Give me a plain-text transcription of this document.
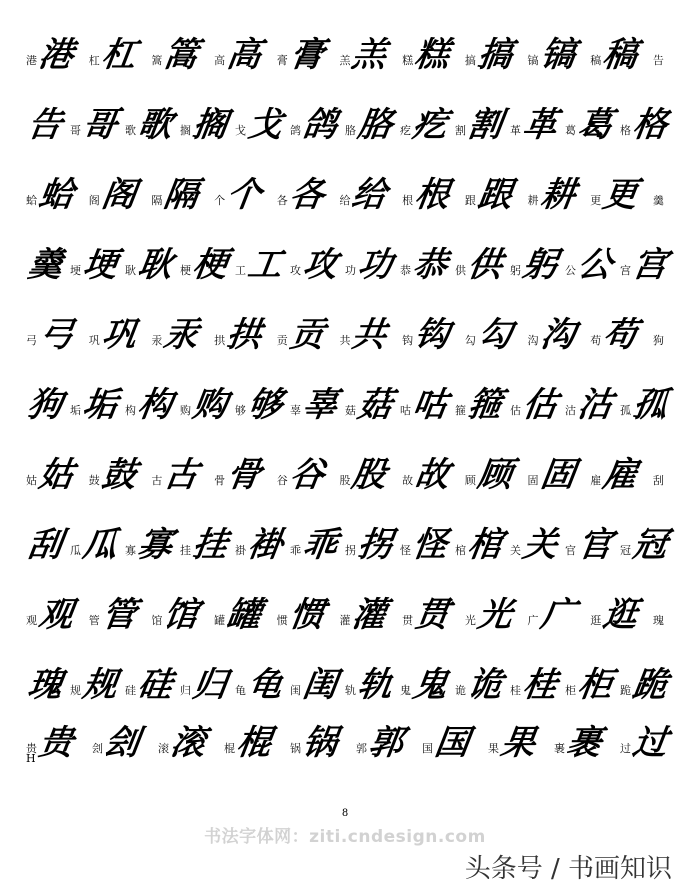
港 港 杠 杠 篙 篙 高 高 膏 膏 羔 羔 糕 糕 搞 搞 镐 镐 稿 稿 告
告 哥 哥 歌 歌 搁 搁 戈 戈 鸽 鸽 胳 胳 疙 疙 割 割 革 革 葛 葛 格 格
蛤 蛤 阁 阁 隔 隔 个 个 各 各 给 给 根 根 跟 跟 耕 耕 更 更 羹
羹 埂 埂 耿 耿 梗 梗 工 工 攻 攻 功 功 恭 恭 供 供 躬 躬 公 公 宫 宫
弓 弓 巩 巩 汞 汞 拱 拱 贡 贡 共 共 钩 钩 勾 勾 沟 沟 苟 苟 狗
狗 垢 垢 构 构 购 购 够 够 辜 辜 菇 菇 咕 咕 箍 箍 估 估 沽 沽 孤 孤
姑 姑 鼓 鼓 古 古 骨 骨 谷 谷 股 股 故 故 顾 顾 固 固 雇 雇 刮
刮 瓜 瓜 寡 寡 挂 挂 褂 褂 乖 乖 拐 拐 怪 怪 棺 棺 关 关 官 官 冠 冠
观 观 管 管 馆 馆 罐 罐 惯 惯 灌 灌 贯 贯 光 光 广 广 逛 逛 瑰
瑰 规 规 硅 硅 归 归 龟 龟 闺 闺 轨 轨 鬼 鬼 诡 诡 桂 桂 柜 柜 跪 跪
贵 贵 刽 刽 滚 滚 棍 棍 锅 锅 郭 郭 国 国 果 果 裹 裹 过 过
H
8
书法字体网：ziti.cndesign.com
头条号 / 书画知识
